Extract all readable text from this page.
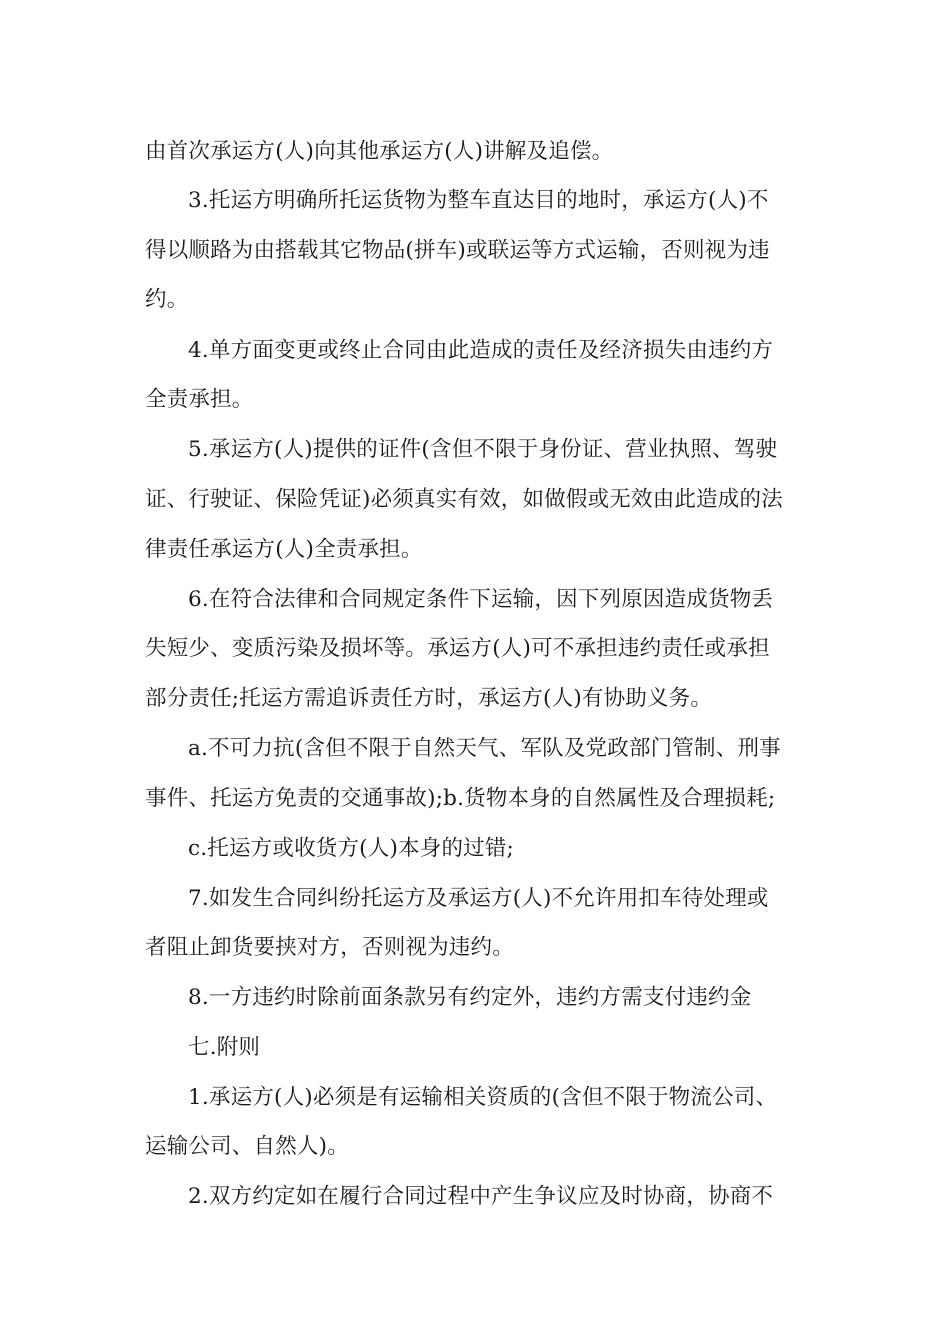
由首次承运方(人)向其他承运方(人)讲解及追偿。
3.托运方明确所托运货物为整车直达目的地时，承运方(人)不
得以顺路为由搭载其它物品(拼车)或联运等方式运输，否则视为违
约。
4.单方面变更或终止合同由此造成的责任及经济损失由违约方
全责承担。
5.承运方(人)提供的证件(含但不限于身份证、营业执照、驾驶
证、行驶证、保险凭证)必须真实有效，如做假或无效由此造成的法
律责任承运方(人)全责承担。
6.在符合法律和合同规定条件下运输，因下列原因造成货物丢
失短少、变质污染及损坏等。承运方(人)可不承担违约责任或承担
部分责任;托运方需追诉责任方时，承运方(人)有协助义务。
a.不可力抗(含但不限于自然天气、军队及党政部门管制、刑事
事件、托运方免责的交通事故);b.货物本身的自然属性及合理损耗;
c.托运方或收货方(人)本身的过错;
7.如发生合同纠纷托运方及承运方(人)不允许用扣车待处理或
者阻止卸货要挟对方，否则视为违约。
8.一方违约时除前面条款另有约定外，违约方需支付违约金
七.附则
1.承运方(人)必须是有运输相关资质的(含但不限于物流公司、
运输公司、自然人)。
2.双方约定如在履行合同过程中产生争议应及时协商，协商不
